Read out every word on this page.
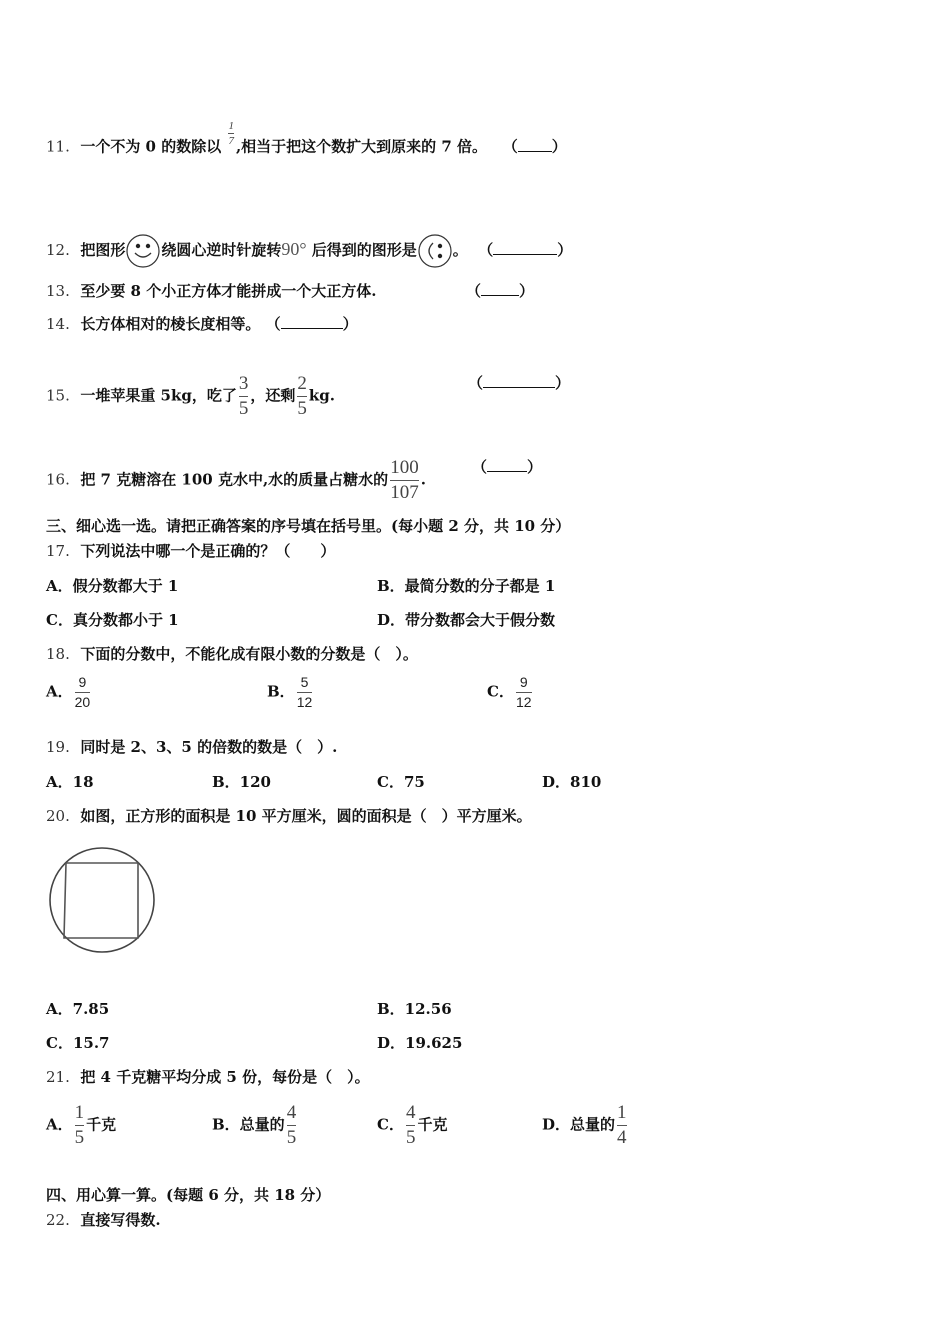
11. 一个不为 0 的数除以 $\frac{1}{7}$ ,相当于把这个数扩大到原来的 7 倍。 （ ）
12. 把图形 绕圆心逆时针旋转90° 后得到的图形是 。 （	）
13. 至少要 8 个小正方体才能拼成一个大正方体.	（	）
14. 长方体相对的棱长度相等。 （	）
15. 一堆苹果重 5kg，吃了 $\frac{3}{5}$ ，还剩 $\frac{2}{5}$ kg.
（	）
16. 把 7 克糖溶在 100 克水中,水的质量占糖水的 $\frac{100}{107}$ .
（	）
三、细心选一选。请把正确答案的序号填在括号里。(每小题 2 分，共 10 分）
17. 下列说法中哪一个是正确的？（　　）
A．假分数都大于 1	B．最简分数的分子都是 1
C．真分数都小于 1	D．带分数都会大于假分数
18. 下面的分数中，不能化成有限小数的分数是（　）。
A． $\frac{9}{20}$	B． $\frac{5}{12}$	C． $\frac{9}{12}$
19. 同时是 2、3、5 的倍数的数是（　）.
A．18	B．120	C．75	D．810
20. 如图，正方形的面积是 10 平方厘米，圆的面积是（　）平方厘米。
A．7.85	B．12.56
C．15.7	D．19.625
21. 把 4 千克糖平均分成 5 份，每份是（　）。
A． $\frac{1}{5}$ 千克	B．总量的 $\frac{4}{5}$	C． $\frac{4}{5}$ 千克	D．总量的 $\frac{1}{4}$
四、用心算一算。(每题 6 分，共 18 分）
22. 直接写得数.
